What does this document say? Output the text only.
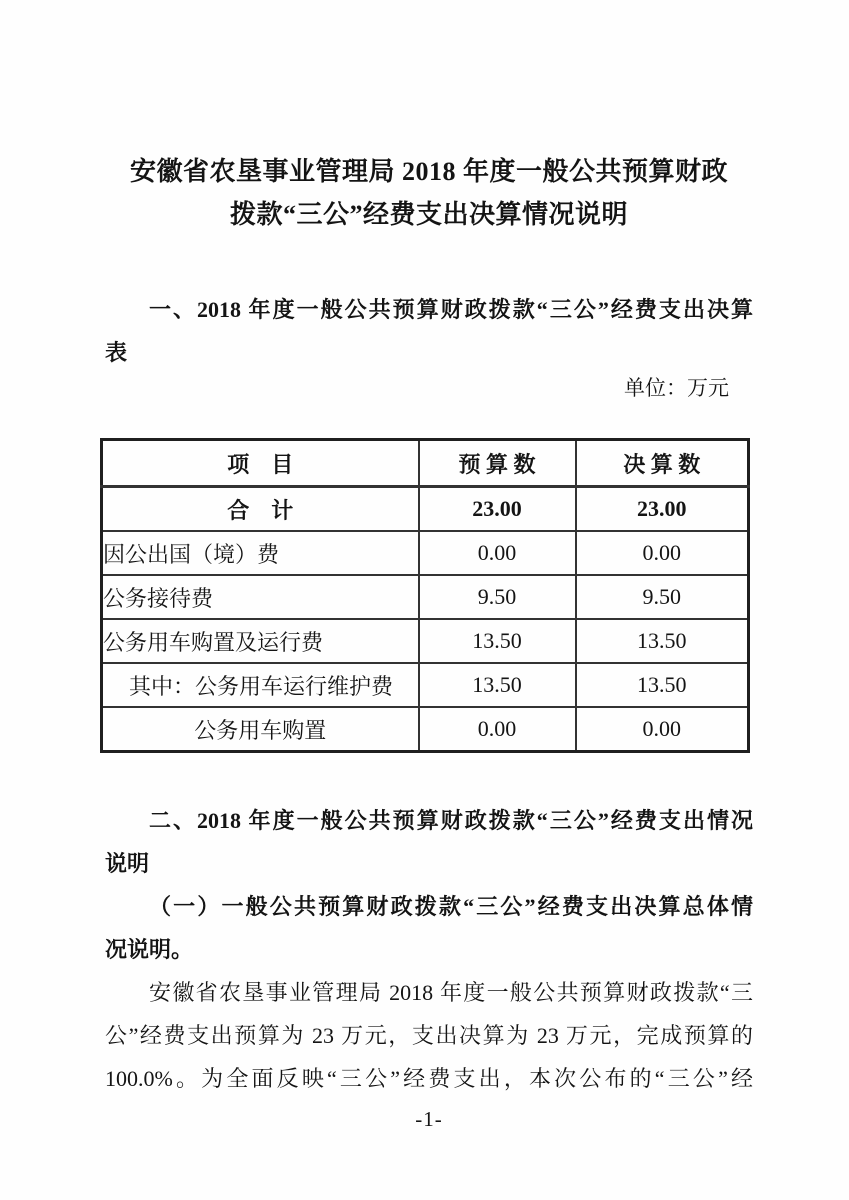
安徽省农垦事业管理局 2018 年度一般公共预算财政
拨款“三公”经费支出决算情况说明
一、2018 年度一般公共预算财政拨款“三公”经费支出决算
表
单位：万元
项　目	预 算 数	决 算 数
合　计	23.00	23.00
因公出国（境）费	0.00	0.00
公务接待费	9.50	9.50
公务用车购置及运行费	13.50	13.50
其中：公务用车运行维护费	13.50	13.50
公务用车购置	0.00	0.00
二、2018 年度一般公共预算财政拨款“三公”经费支出情况
说明
（一）一般公共预算财政拨款“三公”经费支出决算总体情
况说明。
安徽省农垦事业管理局 2018 年度一般公共预算财政拨款“三
公”经费支出预算为 23 万元，支出决算为 23 万元，完成预算的
100.0%。为全面反映“三公”经费支出，本次公布的“三公”经
-1-
